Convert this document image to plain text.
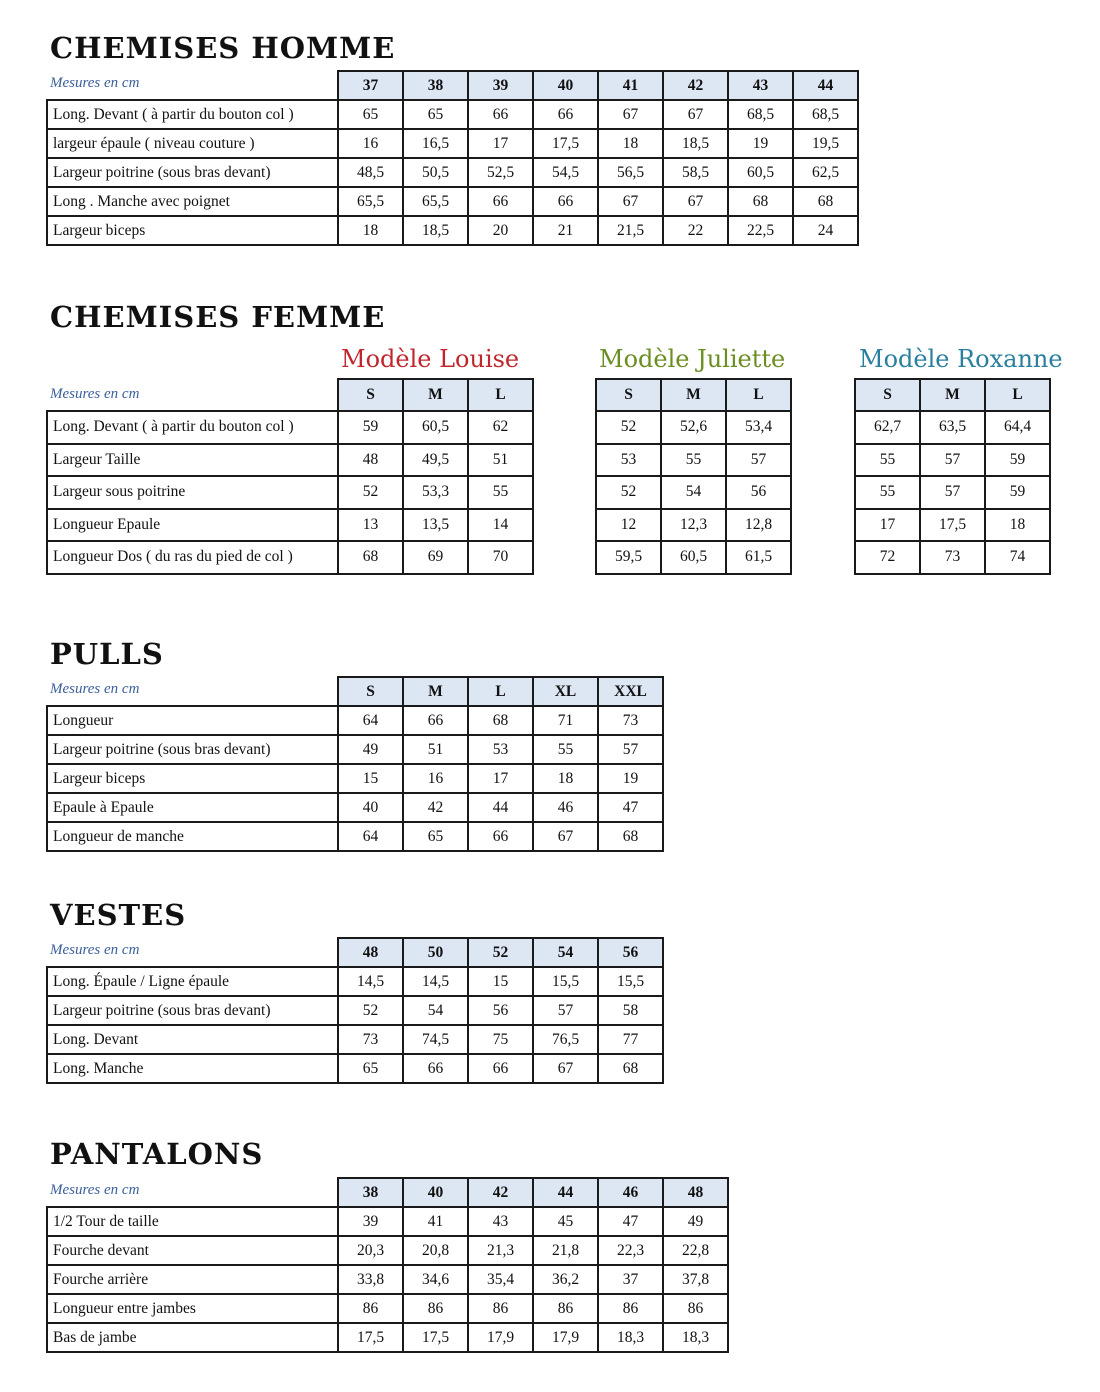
CHEMISES HOMME
Mesures en cm
		37	38	39	40	41	42	43	44
Long. Devant ( à partir du bouton col )	65	65	66	66	67	67	68,5	68,5
largeur épaule ( niveau couture )	16	16,5	17	17,5	18	18,5	19	19,5
Largeur poitrine (sous bras devant)	48,5	50,5	52,5	54,5	56,5	58,5	60,5	62,5
Long . Manche avec poignet	65,5	65,5	66	66	67	67	68	68
Largeur biceps	18	18,5	20	21	21,5	22	22,5	24
CHEMISES FEMME
Modèle Louise	Modèle Juliette	Modèle Roxanne
Mesures en cm
		S	M	L
Long. Devant ( à partir du bouton col )	59	60,5	62
Largeur Taille	48	49,5	51
Largeur sous poitrine	52	53,3	55
Longueur Epaule	13	13,5	14
Longueur Dos ( du ras du pied de col )	68	69	70
S	M	L
52	52,6	53,4
53	55	57
52	54	56
12	12,3	12,8
59,5	60,5	61,5
S	M	L
62,7	63,5	64,4
55	57	59
55	57	59
17	17,5	18
72	73	74
PULLS
Mesures en cm
		S	M	L	XL	XXL
Longueur	64	66	68	71	73
Largeur poitrine (sous bras devant)	49	51	53	55	57
Largeur biceps	15	16	17	18	19
Epaule à Epaule	40	42	44	46	47
Longueur de manche	64	65	66	67	68
VESTES
Mesures en cm
		48	50	52	54	56
Long. Épaule / Ligne épaule	14,5	14,5	15	15,5	15,5
Largeur poitrine (sous bras devant)	52	54	56	57	58
Long. Devant	73	74,5	75	76,5	77
Long. Manche	65	66	66	67	68
PANTALONS
Mesures en cm
		38	40	42	44	46	48
1/2 Tour de taille	39	41	43	45	47	49
Fourche devant	20,3	20,8	21,3	21,8	22,3	22,8
Fourche arrière	33,8	34,6	35,4	36,2	37	37,8
Longueur entre jambes	86	86	86	86	86	86
Bas de jambe	17,5	17,5	17,9	17,9	18,3	18,3
